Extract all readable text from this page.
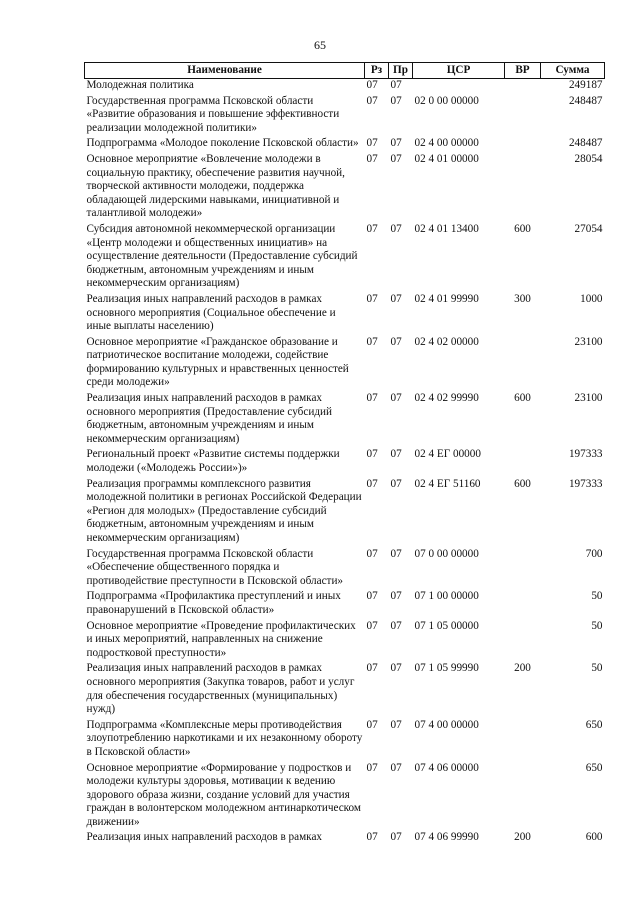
65
Наименование	Рз	Пр	ЦСР	ВР	Сумма
Молодежная политика	07	07			249187
Государственная программа Псковской области «Развитие образования и повышение эффективности реализации молодежной политики»	07	07	02 0 00 00000		248487
Подпрограмма «Молодое поколение Псковской области»	07	07	02 4 00 00000		248487
Основное мероприятие «Вовлечение молодежи в социальную практику, обеспечение развития научной, творческой активности молодежи, поддержка обладающей лидерскими навыками, инициативной и талантливой молодежи»	07	07	02 4 01 00000		28054
Субсидия автономной некоммерческой организации «Центр молодежи и общественных инициатив» на осуществление деятельности (Предоставление субсидий бюджетным, автономным учреждениям и иным некоммерческим организациям)	07	07	02 4 01 13400	600	27054
Реализация иных направлений расходов в рамках основного мероприятия (Социальное обеспечение и иные выплаты населению)	07	07	02 4 01 99990	300	1000
Основное мероприятие «Гражданское образование и патриотическое воспитание молодежи, содействие формированию культурных и нравственных ценностей среди молодежи»	07	07	02 4 02 00000		23100
Реализация иных направлений расходов в рамках основного мероприятия (Предоставление субсидий бюджетным, автономным учреждениям и иным некоммерческим организациям)	07	07	02 4 02 99990	600	23100
Региональный проект «Развитие системы поддержки молодежи («Молодежь России»)»	07	07	02 4 ЕГ 00000		197333
Реализация программы комплексного развития молодежной политики в регионах Российской Федерации «Регион для молодых» (Предоставление субсидий бюджетным, автономным учреждениям и иным некоммерческим организациям)	07	07	02 4 ЕГ 51160	600	197333
Государственная программа Псковской области «Обеспечение общественного порядка и противодействие преступности в Псковской области»	07	07	07 0 00 00000		700
Подпрограмма «Профилактика преступлений и иных правонарушений в Псковской области»	07	07	07 1 00 00000		50
Основное мероприятие «Проведение профилактических и иных мероприятий, направленных на снижение подростковой преступности»	07	07	07 1 05 00000		50
Реализация иных направлений расходов в рамках основного мероприятия (Закупка товаров, работ и услуг для обеспечения государственных (муниципальных) нужд)	07	07	07 1 05 99990	200	50
Подпрограмма «Комплексные меры противодействия злоупотреблению наркотиками и их незаконному обороту в Псковской области»	07	07	07 4 00 00000		650
Основное мероприятие «Формирование у подростков и молодежи культуры здоровья, мотивации к ведению здорового образа жизни, создание условий для участия граждан в волонтерском молодежном антинаркотическом движении»	07	07	07 4 06 00000		650
Реализация иных направлений расходов в рамках	07	07	07 4 06 99990	200	600
